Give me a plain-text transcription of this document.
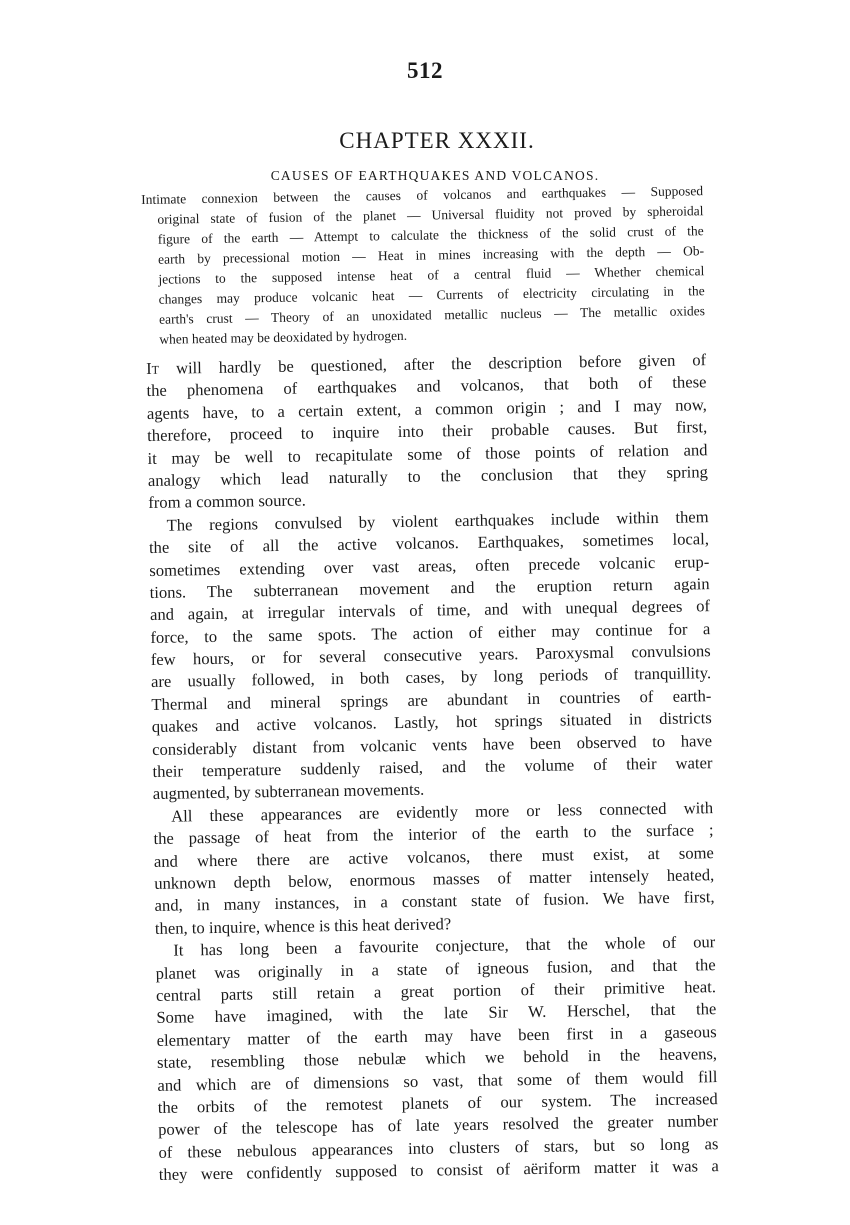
512
CHAPTER XXXII.
CAUSES OF EARTHQUAKES AND VOLCANOS.
Intimate connexion between the causes of volcanos and earthquakes — Supposed
original state of fusion of the planet — Universal fluidity not proved by spheroidal
figure of the earth — Attempt to calculate the thickness of the solid crust of the
earth by precessional motion — Heat in mines increasing with the depth — Ob-
jections to the supposed intense heat of a central fluid — Whether chemical
changes may produce volcanic heat — Currents of electricity circulating in the
earth's crust — Theory of an unoxidated metallic nucleus — The metallic oxides
when heated may be deoxidated by hydrogen.
It will hardly be questioned, after the description before given of
the phenomena of earthquakes and volcanos, that both of these
agents have, to a certain extent, a common origin ; and I may now,
therefore, proceed to inquire into their probable causes. But first,
it may be well to recapitulate some of those points of relation and
analogy which lead naturally to the conclusion that they spring
from a common source.
The regions convulsed by violent earthquakes include within them
the site of all the active volcanos. Earthquakes, sometimes local,
sometimes extending over vast areas, often precede volcanic erup-
tions. The subterranean movement and the eruption return again
and again, at irregular intervals of time, and with unequal degrees of
force, to the same spots. The action of either may continue for a
few hours, or for several consecutive years. Paroxysmal convulsions
are usually followed, in both cases, by long periods of tranquillity.
Thermal and mineral springs are abundant in countries of earth-
quakes and active volcanos. Lastly, hot springs situated in districts
considerably distant from volcanic vents have been observed to have
their temperature suddenly raised, and the volume of their water
augmented, by subterranean movements.
All these appearances are evidently more or less connected with
the passage of heat from the interior of the earth to the surface ;
and where there are active volcanos, there must exist, at some
unknown depth below, enormous masses of matter intensely heated,
and, in many instances, in a constant state of fusion. We have first,
then, to inquire, whence is this heat derived?
It has long been a favourite conjecture, that the whole of our
planet was originally in a state of igneous fusion, and that the
central parts still retain a great portion of their primitive heat.
Some have imagined, with the late Sir W. Herschel, that the
elementary matter of the earth may have been first in a gaseous
state, resembling those nebulæ which we behold in the heavens,
and which are of dimensions so vast, that some of them would fill
the orbits of the remotest planets of our system. The increased
power of the telescope has of late years resolved the greater number
of these nebulous appearances into clusters of stars, but so long as
they were confidently supposed to consist of aëriform matter it was a
